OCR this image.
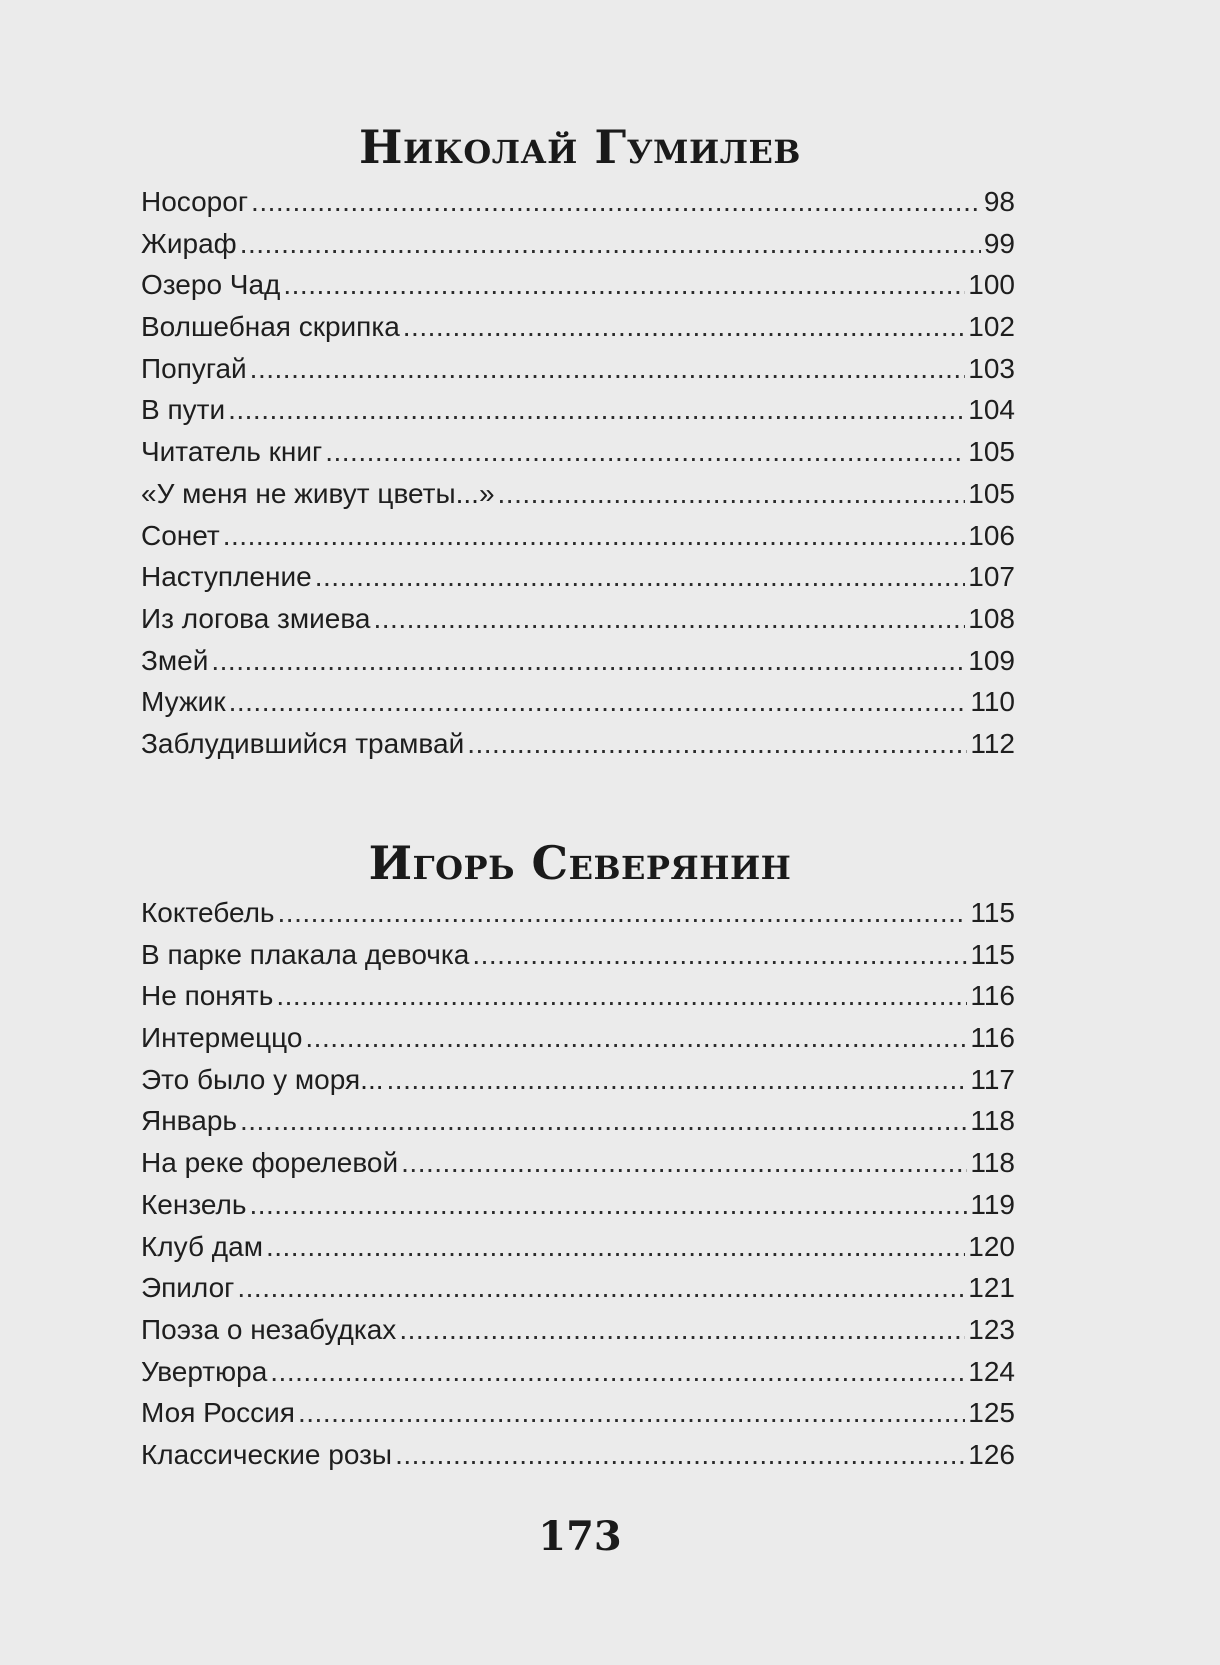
Николай Гумилев
Носорог .....	98
Жираф .....	99
Озеро Чад .....	100
Волшебная скрипка .....	102
Попугай .....	103
В пути .....	104
Читатель книг .....	105
«У меня не живут цветы...» .....	105
Сонет .....	106
Наступление .....	107
Из логова змиева .....	108
Змей .....	109
Мужик .....	110
Заблудившийся трамвай .....	112
Игорь Северянин
Коктебель .....	115
В парке плакала девочка .....	115
Не понять .....	116
Интермеццо .....	116
Это было у моря... .....	117
Январь .....	118
На реке форелевой .....	118
Кензель .....	119
Клуб дам .....	120
Эпилог .....	121
Поэза о незабудках .....	123
Увертюра .....	124
Моя Россия .....	125
Классические розы .....	126

173
